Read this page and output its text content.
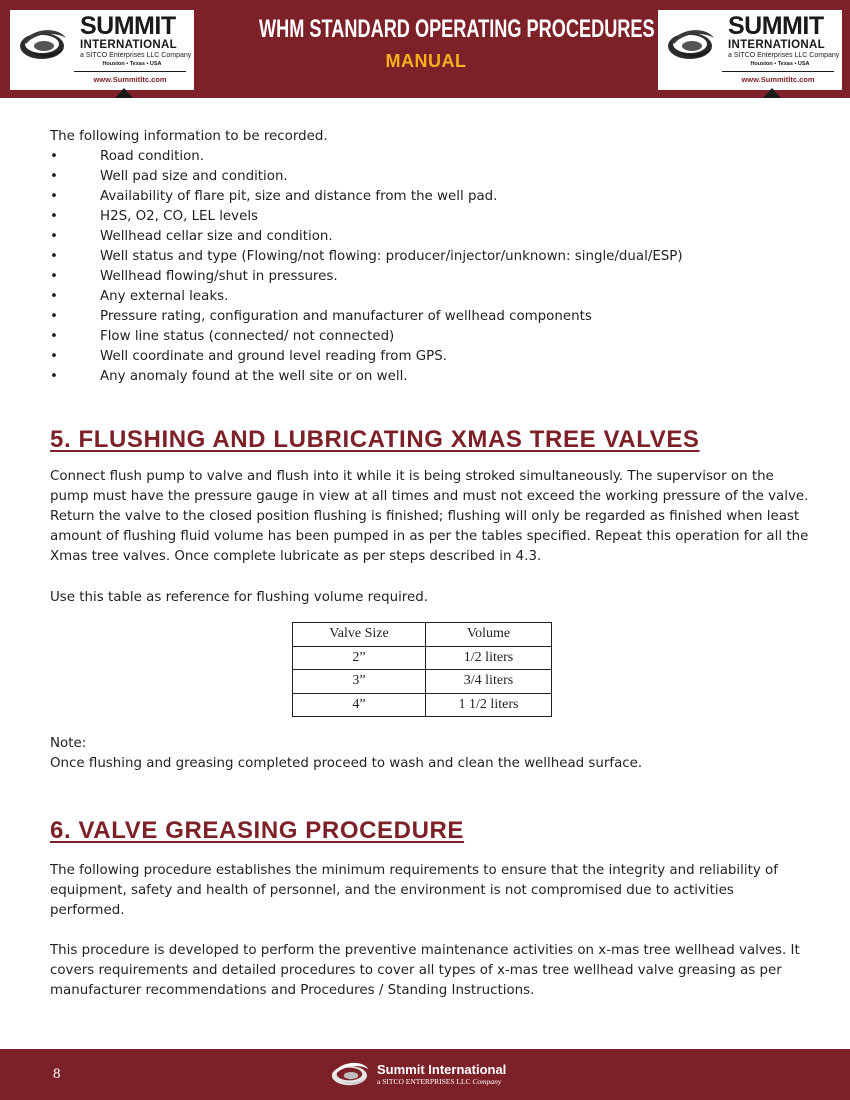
SUMMIT
INTERNATIONAL
a SITCO Enterprises LLC Company
Houston • Texas • USA
www.Summitltc.com
WHM STANDARD OPERATING PROCEDURES
MANUAL
SUMMIT
INTERNATIONAL
a SITCO Enterprises LLC Company
Houston • Texas • USA
www.Summitltc.com

The following information to be recorded.

•	Road condition.
•	Well pad size and condition.
•	Availability of flare pit, size and distance from the well pad.
•	H2S, O2, CO, LEL levels
•	Wellhead cellar size and condition.
•	Well status and type (Flowing/not flowing: producer/injector/unknown: single/dual/ESP)
•	Wellhead flowing/shut in pressures.
•	Any external leaks.
•	Pressure rating, configuration and manufacturer of wellhead components
•	Flow line status (connected/ not connected)
•	Well coordinate and ground level reading from GPS.
•	Any anomaly found at the well site or on well.
5. FLUSHING AND LUBRICATING XMAS TREE VALVES

Connect flush pump to valve and flush into it while it is being stroked simultaneously. The supervisor on the pump must have the pressure gauge in view at all times and must not exceed the working pressure of the valve. Return the valve to the closed position flushing is finished; flushing will only be regarded as finished when least amount of flushing fluid volume has been pumped in as per the tables specified. Repeat this operation for all the Xmas tree valves. Once complete lubricate as per steps described in 4.3.

Use this table as reference for flushing volume required.

Valve Size	Volume
2”	1/2 liters
3”	3/4 liters
4”	1 1/2 liters
Note:
Once flushing and greasing completed proceed to wash and clean the wellhead surface.
6. VALVE GREASING PROCEDURE

The following procedure establishes the minimum requirements to ensure that the integrity and reliability of equipment, safety and health of personnel, and the environment is not compromised due to activities performed.

This procedure is developed to perform the preventive maintenance activities on x-mas tree wellhead valves. It covers requirements and detailed procedures to cover all types of x-mas tree wellhead valve greasing as per manufacturer recommendations and Procedures / Standing Instructions.

8	Summit International
a SITCO ENTERPRISES LLC Company
